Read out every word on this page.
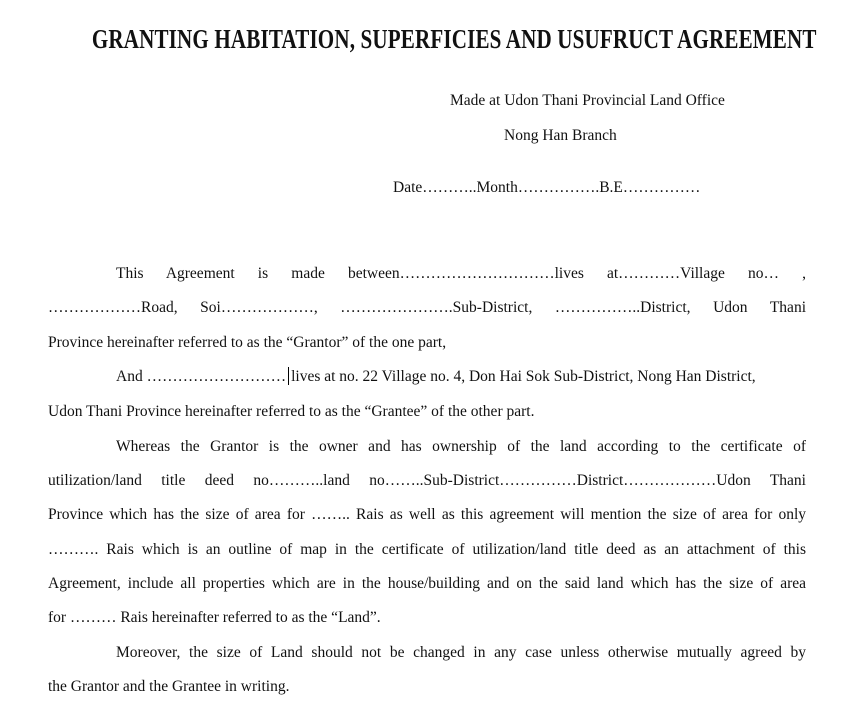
GRANTING HABITATION, SUPERFICIES AND USUFRUCT AGREEMENT
Made at Udon Thani Provincial Land Office
Nong Han Branch
Date………..Month…………….B.E……………
This Agreement is made between…………………………lives at…………Village no… ,
………………Road, Soi………………, ………………….Sub-District, ……………..District, Udon Thani
Province hereinafter referred to as the “Grantor” of the one part,
And ……………………… lives at no. 22 Village no. 4, Don Hai Sok Sub-District, Nong Han District,
Udon Thani Province hereinafter referred to as the “Grantee” of the other part.
Whereas the Grantor is the owner and has ownership of the land according to the certificate of
utilization/land title deed no………..land no……..Sub-District……………District………………Udon Thani
Province which has the size of area for …….. Rais as well as this agreement will mention the size of area for only
………. Rais which is an outline of map in the certificate of utilization/land title deed as an attachment of this
Agreement, include all properties which are in the house/building and on the said land which has the size of area
for ……… Rais hereinafter referred to as the “Land”.
Moreover, the size of Land should not be changed in any case unless otherwise mutually agreed by
the Grantor and the Grantee in writing.
